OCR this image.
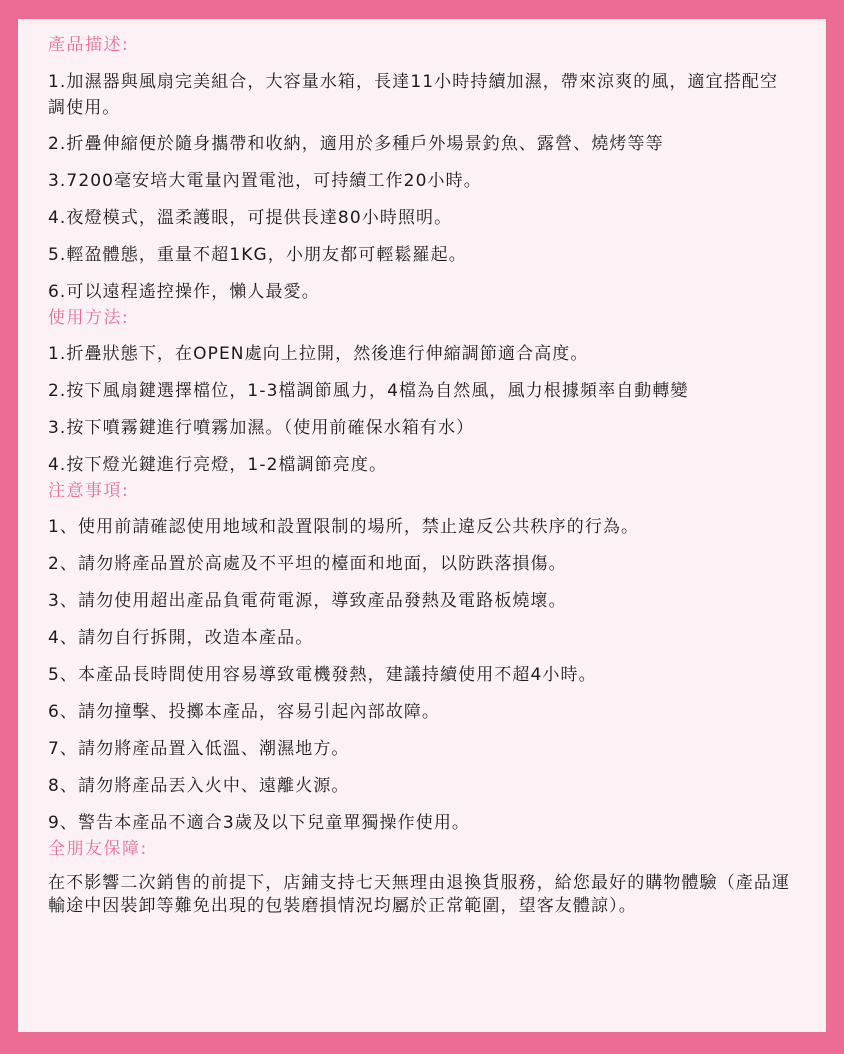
產品描述:
1.加濕器與風扇完美組合，大容量水箱，長達11小時持續加濕，帶來涼爽的風，適宜搭配空調使用。
2.折疊伸縮便於隨身攜帶和收納，適用於多種戶外場景釣魚、露營、燒烤等等
3.7200毫安培大電量內置電池，可持續工作20小時。
4.夜燈模式，溫柔護眼，可提供長達80小時照明。
5.輕盈體態，重量不超1KG，小朋友都可輕鬆羅起。
6.可以遠程遙控操作，懶人最愛。
使用方法:
1.折疊狀態下，在OPEN處向上拉開，然後進行伸縮調節適合高度。
2.按下風扇鍵選擇檔位，1-3檔調節風力，4檔為自然風，風力根據頻率自動轉變
3.按下噴霧鍵進行噴霧加濕。（使用前確保水箱有水）
4.按下燈光鍵進行亮燈，1-2檔調節亮度。
注意事項:
1、使用前請確認使用地域和設置限制的場所，禁止違反公共秩序的行為。
2、請勿將產品置於高處及不平坦的檯面和地面，以防跌落損傷。
3、請勿使用超出產品負電荷電源，導致產品發熱及電路板燒壞。
4、請勿自行拆開，改造本產品。
5、本產品長時間使用容易導致電機發熱，建議持續使用不超4小時。
6、請勿撞擊、投擲本產品，容易引起內部故障。
7、請勿將產品置入低溫、潮濕地方。
8、請勿將產品丟入火中、遠離火源。
9、警告本產品不適合3歲及以下兒童單獨操作使用。
全朋友保障:
在不影響二次銷售的前提下，店鋪支持七天無理由退換貨服務，給您最好的購物體驗（產品運輸途中因裝卸等難免出現的包裝磨損情況均屬於正常範圍，望客友體諒）。
